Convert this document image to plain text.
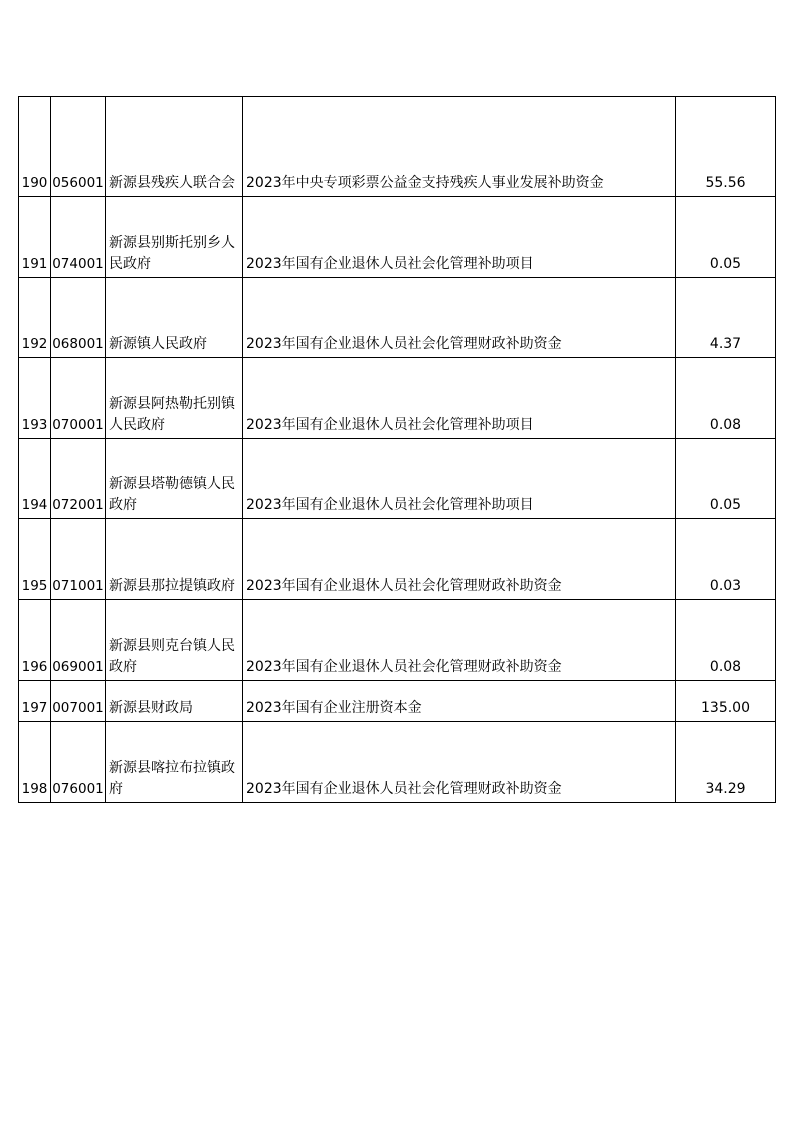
190	056001	新源县残疾人联合会	2023年中央专项彩票公益金支持残疾人事业发展补助资金	55.56
191	074001	新源县别斯托别乡人民政府	2023年国有企业退休人员社会化管理补助项目	0.05
192	068001	新源镇人民政府	2023年国有企业退休人员社会化管理财政补助资金	4.37
193	070001	新源县阿热勒托别镇人民政府	2023年国有企业退休人员社会化管理补助项目	0.08
194	072001	新源县塔勒德镇人民政府	2023年国有企业退休人员社会化管理补助项目	0.05
195	071001	新源县那拉提镇政府	2023年国有企业退休人员社会化管理财政补助资金	0.03
196	069001	新源县则克台镇人民政府	2023年国有企业退休人员社会化管理财政补助资金	0.08
197	007001	新源县财政局	2023年国有企业注册资本金	135.00
198	076001	新源县喀拉布拉镇政府	2023年国有企业退休人员社会化管理财政补助资金	34.29
